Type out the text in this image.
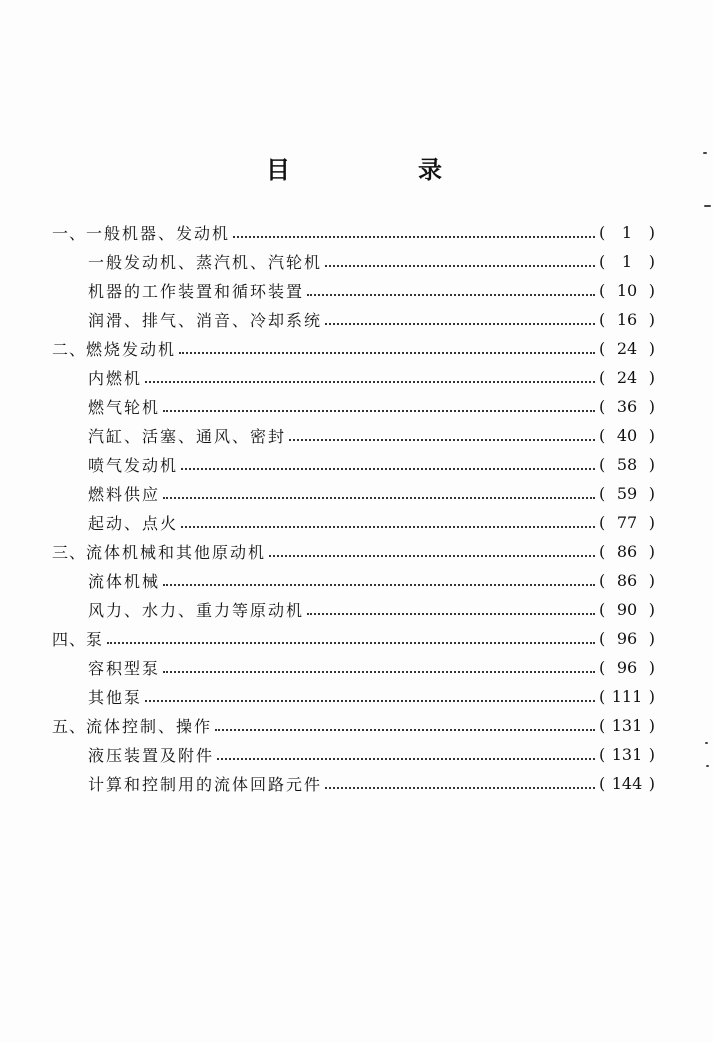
目	录
一、 一般机器、发动机	(	1	)
一般发动机、蒸汽机、汽轮机	(	1	)
机器的工作装置和循环装置	( 10 )
润滑、排气、消音、冷却系统	( 16 )
二、 燃烧发动机	( 24 )
内燃机	( 24 )
燃气轮机	( 36 )
汽缸、活塞、通风、密封	( 40 )
喷气发动机	( 58 )
燃料供应	( 59 )
起动、点火	( 77 )
三、 流体机械和其他原动机	( 86 )
流体机械	( 86 )
风力、水力、重力等原动机	( 90 )
四、 泵	( 96 )
容积型泵	( 96 )
其他泵	( 111 )
五、 流体控制、操作	( 131 )
液压装置及附件	( 131 )
计算和控制用的流体回路元件	( 144 )
